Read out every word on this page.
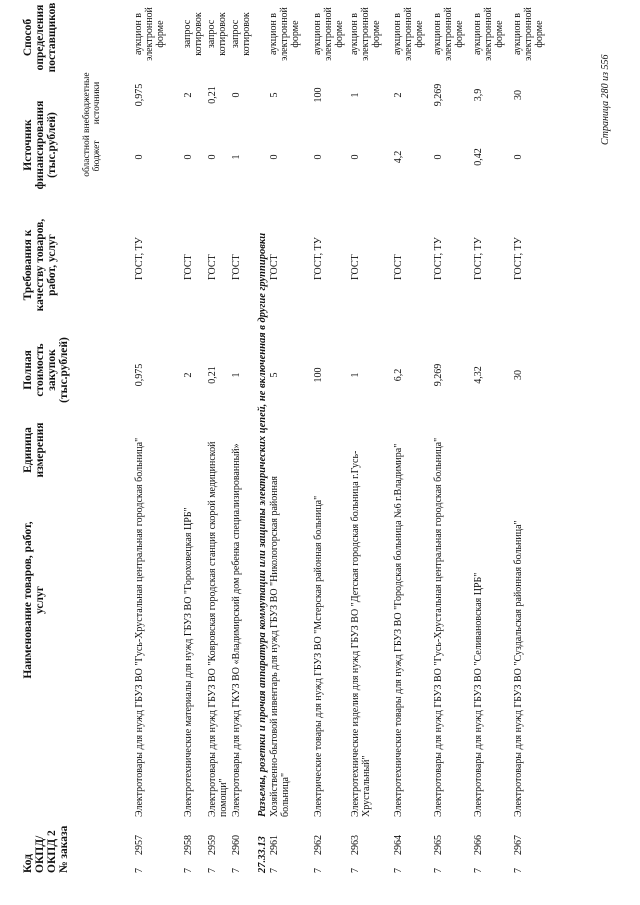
Код ОКПД/ ОКПД 2 № заказа
Наименование товаров, работ, услуг
Единица измерения
Полная стоимость закупок (тыс.рублей)
Требования к качеству товаров, работ, услуг
Источник финансирования (тыс.рублей)
Способ определения поставщиков
областной бюджет
внебюджетные источники
7
2957
Электротовары для нужд ГБУЗ ВО "Гусь-Хрустальная центральная городская больница"
0,975
ГОСТ, ТУ
0
0,975
аукцион в электронной форме
7
2958
Электротехнические материалы для нужд ГБУЗ ВО "Гороховецкая ЦРБ"
2
ГОСТ
0
2
запрос котировок
7
2959
Электротовары для нужд ГБУЗ ВО "Ковровская городская станция скорой медицинской помощи"
0,21
ГОСТ
0
0,21
запрос котировок
7
2960
Электротовары для нужд ГКУЗ ВО «Владимирский дом ребенка специализированный»
1
ГОСТ
1
0
запрос котировок
27.33.13
Разъемы, розетки и прочая аппаратура коммутации или защиты электрических цепей, не включенная в другие группировки
7
2961
Хозяйственно-бытовой инвентарь для нужд ГБУЗ ВО "Никологорская районная больница"
5
ГОСТ
0
5
аукцион в электронной форме
7
2962
Электрические товары для нужд ГБУЗ ВО "Мстерская районная больница"
100
ГОСТ, ТУ
0
100
аукцион в электронной форме
7
2963
Электротехнические изделия для нужд ГБУЗ ВО "Детская городская больница г.Гусь-Хрустальный"
1
ГОСТ
0
1
аукцион в электронной форме
7
2964
Электротехнические товары для нужд ГБУЗ ВО "Городская больница №6 г.Владимира"
6,2
ГОСТ
4,2
2
аукцион в электронной форме
7
2965
Электротовары для нужд ГБУЗ ВО "Гусь-Хрустальная центральная городская больница"
9,269
ГОСТ, ТУ
0
9,269
аукцион в электронной форме
7
2966
Электротовары для нужд ГБУЗ ВО "Селивановская ЦРБ"
4,32
ГОСТ, ТУ
0,42
3,9
аукцион в электронной форме
7
2967
Электротовары для нужд ГБУЗ ВО "Суздальская районная больница"
30
ГОСТ, ТУ
0
30
аукцион в электронной форме
Страница 280 из 556
